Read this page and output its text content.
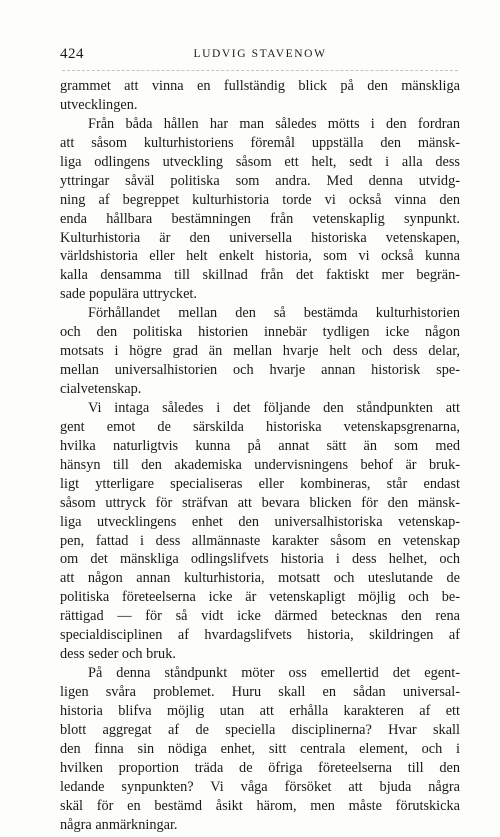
424	LUDVIG STAVENOW
grammet att vinna en fullständig blick på den mänskliga
utvecklingen.
Från båda hållen har man således mötts i den fordran
att såsom kulturhistoriens föremål uppställa den mänsk-
liga odlingens utveckling såsom ett helt, sedt i alla dess
yttringar såväl politiska som andra. Med denna utvidg-
ning af begreppet kulturhistoria torde vi också vinna den
enda hållbara bestämningen från vetenskaplig synpunkt.
Kulturhistoria är den universella historiska vetenskapen,
världshistoria eller helt enkelt historia, som vi också kunna
kalla densamma till skillnad från det faktiskt mer begrän-
sade populära uttrycket.
Förhållandet mellan den så bestämda kulturhistorien
och den politiska historien innebär tydligen icke någon
motsats i högre grad än mellan hvarje helt och dess delar,
mellan universalhistorien och hvarje annan historisk spe-
cialvetenskap.
Vi intaga således i det följande den ståndpunkten att
gent emot de särskilda historiska vetenskapsgrenarna,
hvilka naturligtvis kunna på annat sätt än som med
hänsyn till den akademiska undervisningens behof är bruk-
ligt ytterligare specialiseras eller kombineras, står endast
såsom uttryck för sträfvan att bevara blicken för den mänsk-
liga utvecklingens enhet den universalhistoriska vetenskap-
pen, fattad i dess allmännaste karakter såsom en vetenskap
om det mänskliga odlingslifvets historia i dess helhet, och
att någon annan kulturhistoria, motsatt och uteslutande de
politiska företeelserna icke är vetenskapligt möjlig och be-
rättigad — för så vidt icke därmed betecknas den rena
specialdisciplinen af hvardagslifvets historia, skildringen af
dess seder och bruk.
På denna ståndpunkt möter oss emellertid det egent-
ligen svåra problemet. Huru skall en sådan universal-
historia blifva möjlig utan att erhålla karakteren af ett
blott aggregat af de speciella disciplinerna? Hvar skall
den finna sin nödiga enhet, sitt centrala element, och i
hvilken proportion träda de öfriga företeelserna till den
ledande synpunkten? Vi våga försöket att bjuda några
skäl för en bestämd åsikt härom, men måste förutskicka
några anmärkningar.
